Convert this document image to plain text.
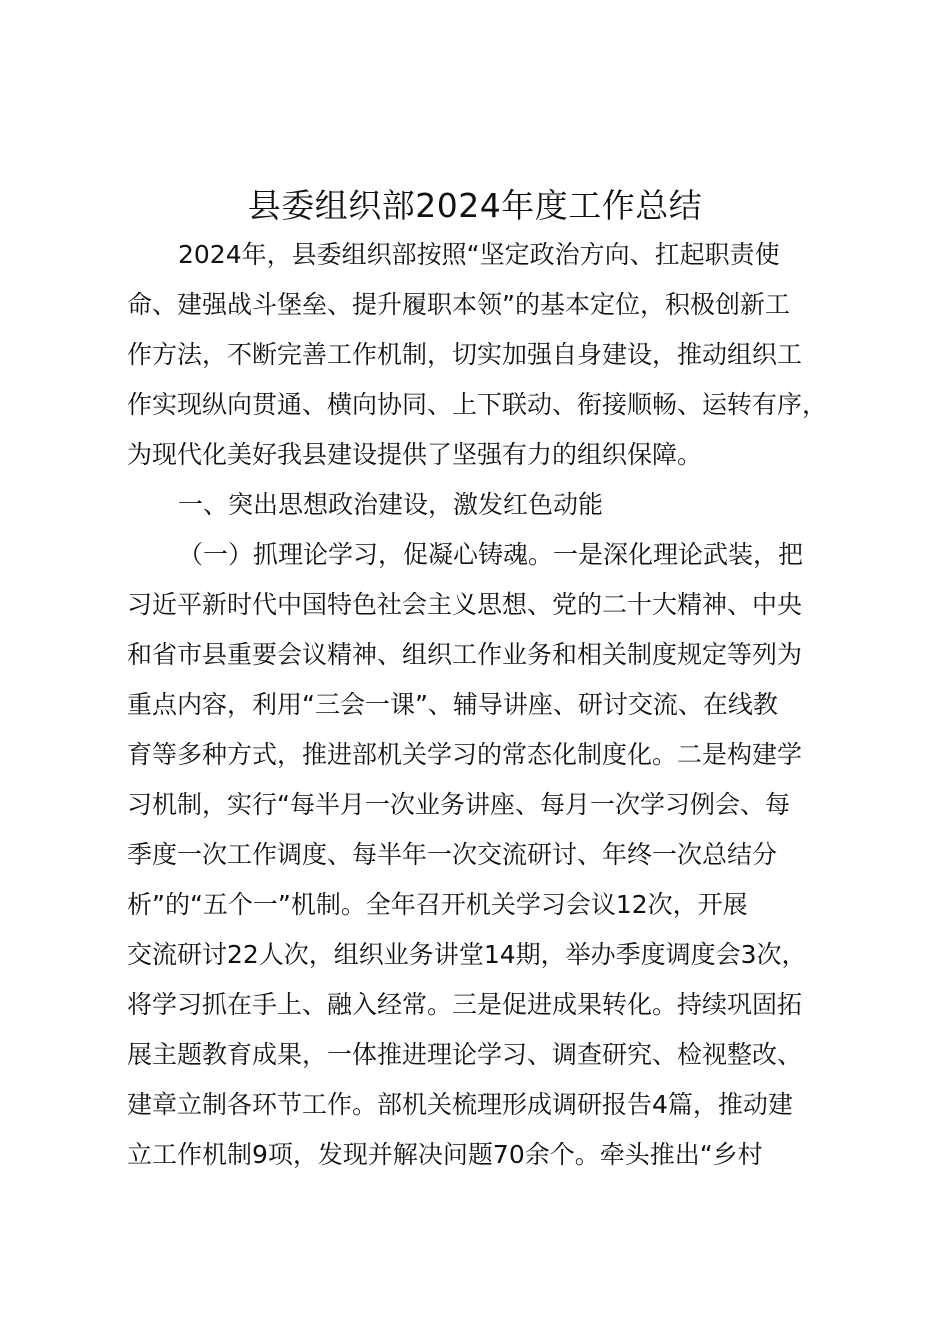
县委组织部2024年度工作总结
2024年，县委组织部按照“坚定政治方向、扛起职责使
命、建强战斗堡垒、提升履职本领”的基本定位，积极创新工
作方法，不断完善工作机制，切实加强自身建设，推动组织工
作实现纵向贯通、横向协同、上下联动、衔接顺畅、运转有序，
为现代化美好我县建设提供了坚强有力的组织保障。
一、突出思想政治建设，激发红色动能
（一）抓理论学习，促凝心铸魂。一是深化理论武装，把
习近平新时代中国特色社会主义思想、党的二十大精神、中央
和省市县重要会议精神、组织工作业务和相关制度规定等列为
重点内容，利用“三会一课”、辅导讲座、研讨交流、在线教
育等多种方式，推进部机关学习的常态化制度化。二是构建学
习机制，实行“每半月一次业务讲座、每月一次学习例会、每
季度一次工作调度、每半年一次交流研讨、年终一次总结分
析”的“五个一”机制。全年召开机关学习会议12次，开展
交流研讨22人次，组织业务讲堂14期，举办季度调度会3次，
将学习抓在手上、融入经常。三是促进成果转化。持续巩固拓
展主题教育成果，一体推进理论学习、调查研究、检视整改、
建章立制各环节工作。部机关梳理形成调研报告4篇，推动建
立工作机制9项，发现并解决问题70余个。牵头推出“乡村
